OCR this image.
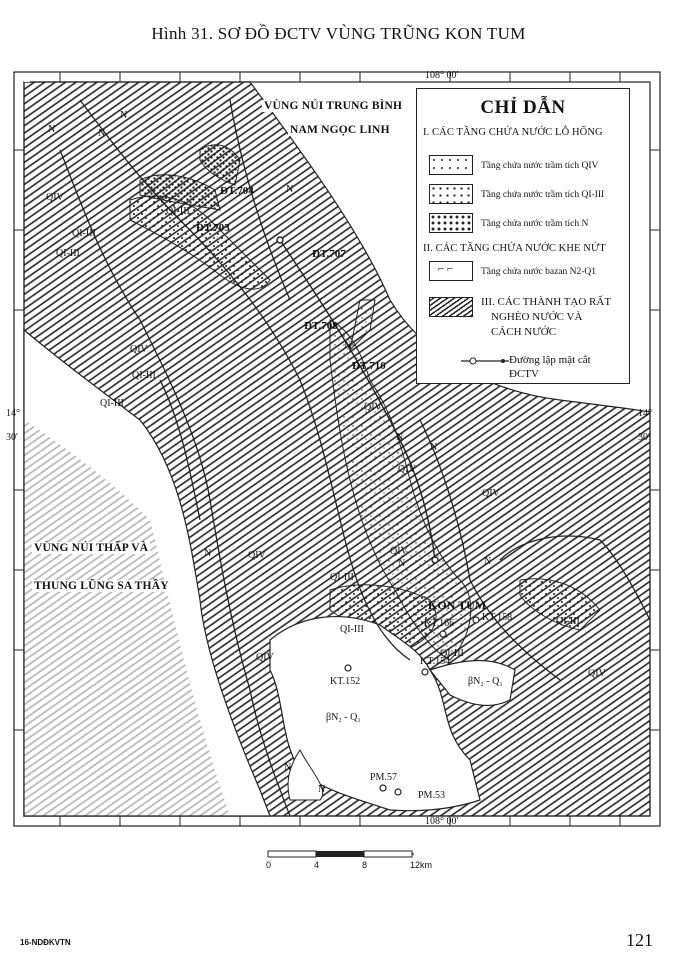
Hình 31. SƠ ĐỒ ĐCTV VÙNG TRŨNG KON TUM
108° 00'
108° 00'
14°
30'
14°
30'
VÙNG NÚI TRUNG BÌNH
NAM NGỌC LINH
VÙNG NÚI THẤP VÀ
THUNG LŨNG SA THẦY
CHỈ DẪN
I. CÁC TẦNG CHỨA NƯỚC LỖ HỔNG
Tầng chứa nước trầm tích QIV
Tầng chứa nước trầm tích QI-III
Tầng chứa nước trầm tích N
II. CÁC TẦNG CHỨA NƯỚC KHE NỨT
⌐ ⌐	Tầng chứa nước bazan N2-Q1
III. CÁC THÀNH TẠO RẤT
NGHÈO NƯỚC VÀ
CÁCH NƯỚC
Đường lập mặt cắt
ĐCTV
ĐT.704
ĐT.703
ĐT.707
ĐT.708
ĐT.710
KON TUM
KT.158
KT.166
KT.154
KT.152
PM.57
PM.53
βN₂ - Q₁
βN₂ - Q₁
QIV
QIV
QIV
QIV
QIV
QIV
QIV
QIV
QIV
QI-III
QI-III
QI-III
QI-III
QI-III
QI-III
QI-III
QI-III
QI-III
N	N
N
N
N
N
N
N
N
N
N
N
0	4	8	12km
16-NDĐKVTN	121
